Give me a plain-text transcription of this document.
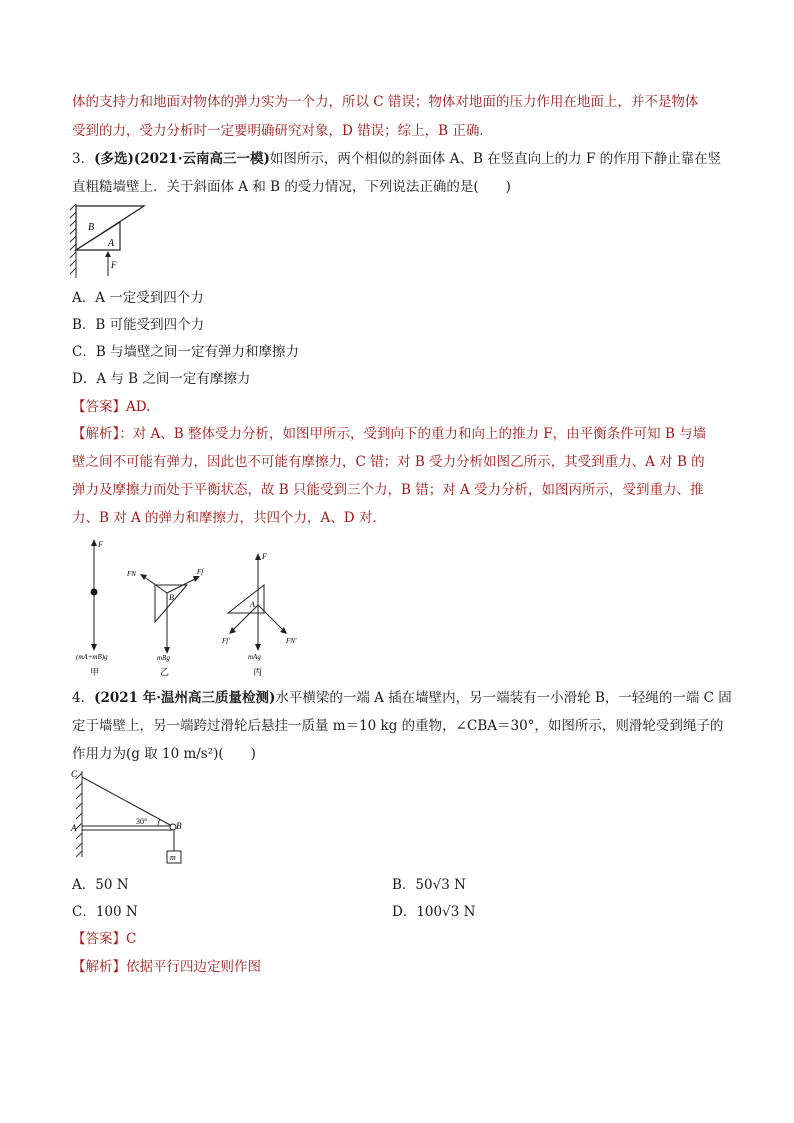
体的支持力和地面对物体的弹力实为一个力，所以 C 错误；物体对地面的压力作用在地面上，并不是物体
受到的力，受力分析时一定要明确研究对象，D 错误；综上，B 正确．
3．(多选)(2021·云南高三一模)如图所示，两个相似的斜面体 A、B 在竖直向上的力 F 的作用下静止靠在竖
直粗糙墙壁上．关于斜面体 A 和 B 的受力情况，下列说法正确的是(　　)
B
A
F
A．A 一定受到四个力
B．B 可能受到四个力
C．B 与墙壁之间一定有弹力和摩擦力
D．A 与 B 之间一定有摩擦力
【答案】AD.
【解析】：对 A、B 整体受力分析，如图甲所示，受到向下的重力和向上的推力 F，由平衡条件可知 B 与墙
壁之间不可能有弹力，因此也不可能有摩擦力，C 错；对 B 受力分析如图乙所示，其受到重力、A 对 B 的
弹力及摩擦力而处于平衡状态，故 B 只能受到三个力，B 错；对 A 受力分析，如图丙所示，受到重力、推
力、B 对 A 的弹力和摩擦力，共四个力，A、D 对．
F
(mA+mB)g
甲
FN	Ff
B
mBg
乙
F
A
Ff′	FN′
mAg
丙
4．(2021 年·温州高三质量检测)水平横梁的一端 A 插在墙壁内，另一端装有一小滑轮 B，一轻绳的一端 C 固
定于墙壁上，另一端跨过滑轮后悬挂一质量 m＝10 kg 的重物，∠CBA＝30°，如图所示，则滑轮受到绳子的
作用力为(g 取 10 m/s²)(　　)
C
A	B
30°
m
A．50 N	B．50√3 N
C．100 N	D．100√3 N
【答案】C
【解析】依据平行四边定则作图
